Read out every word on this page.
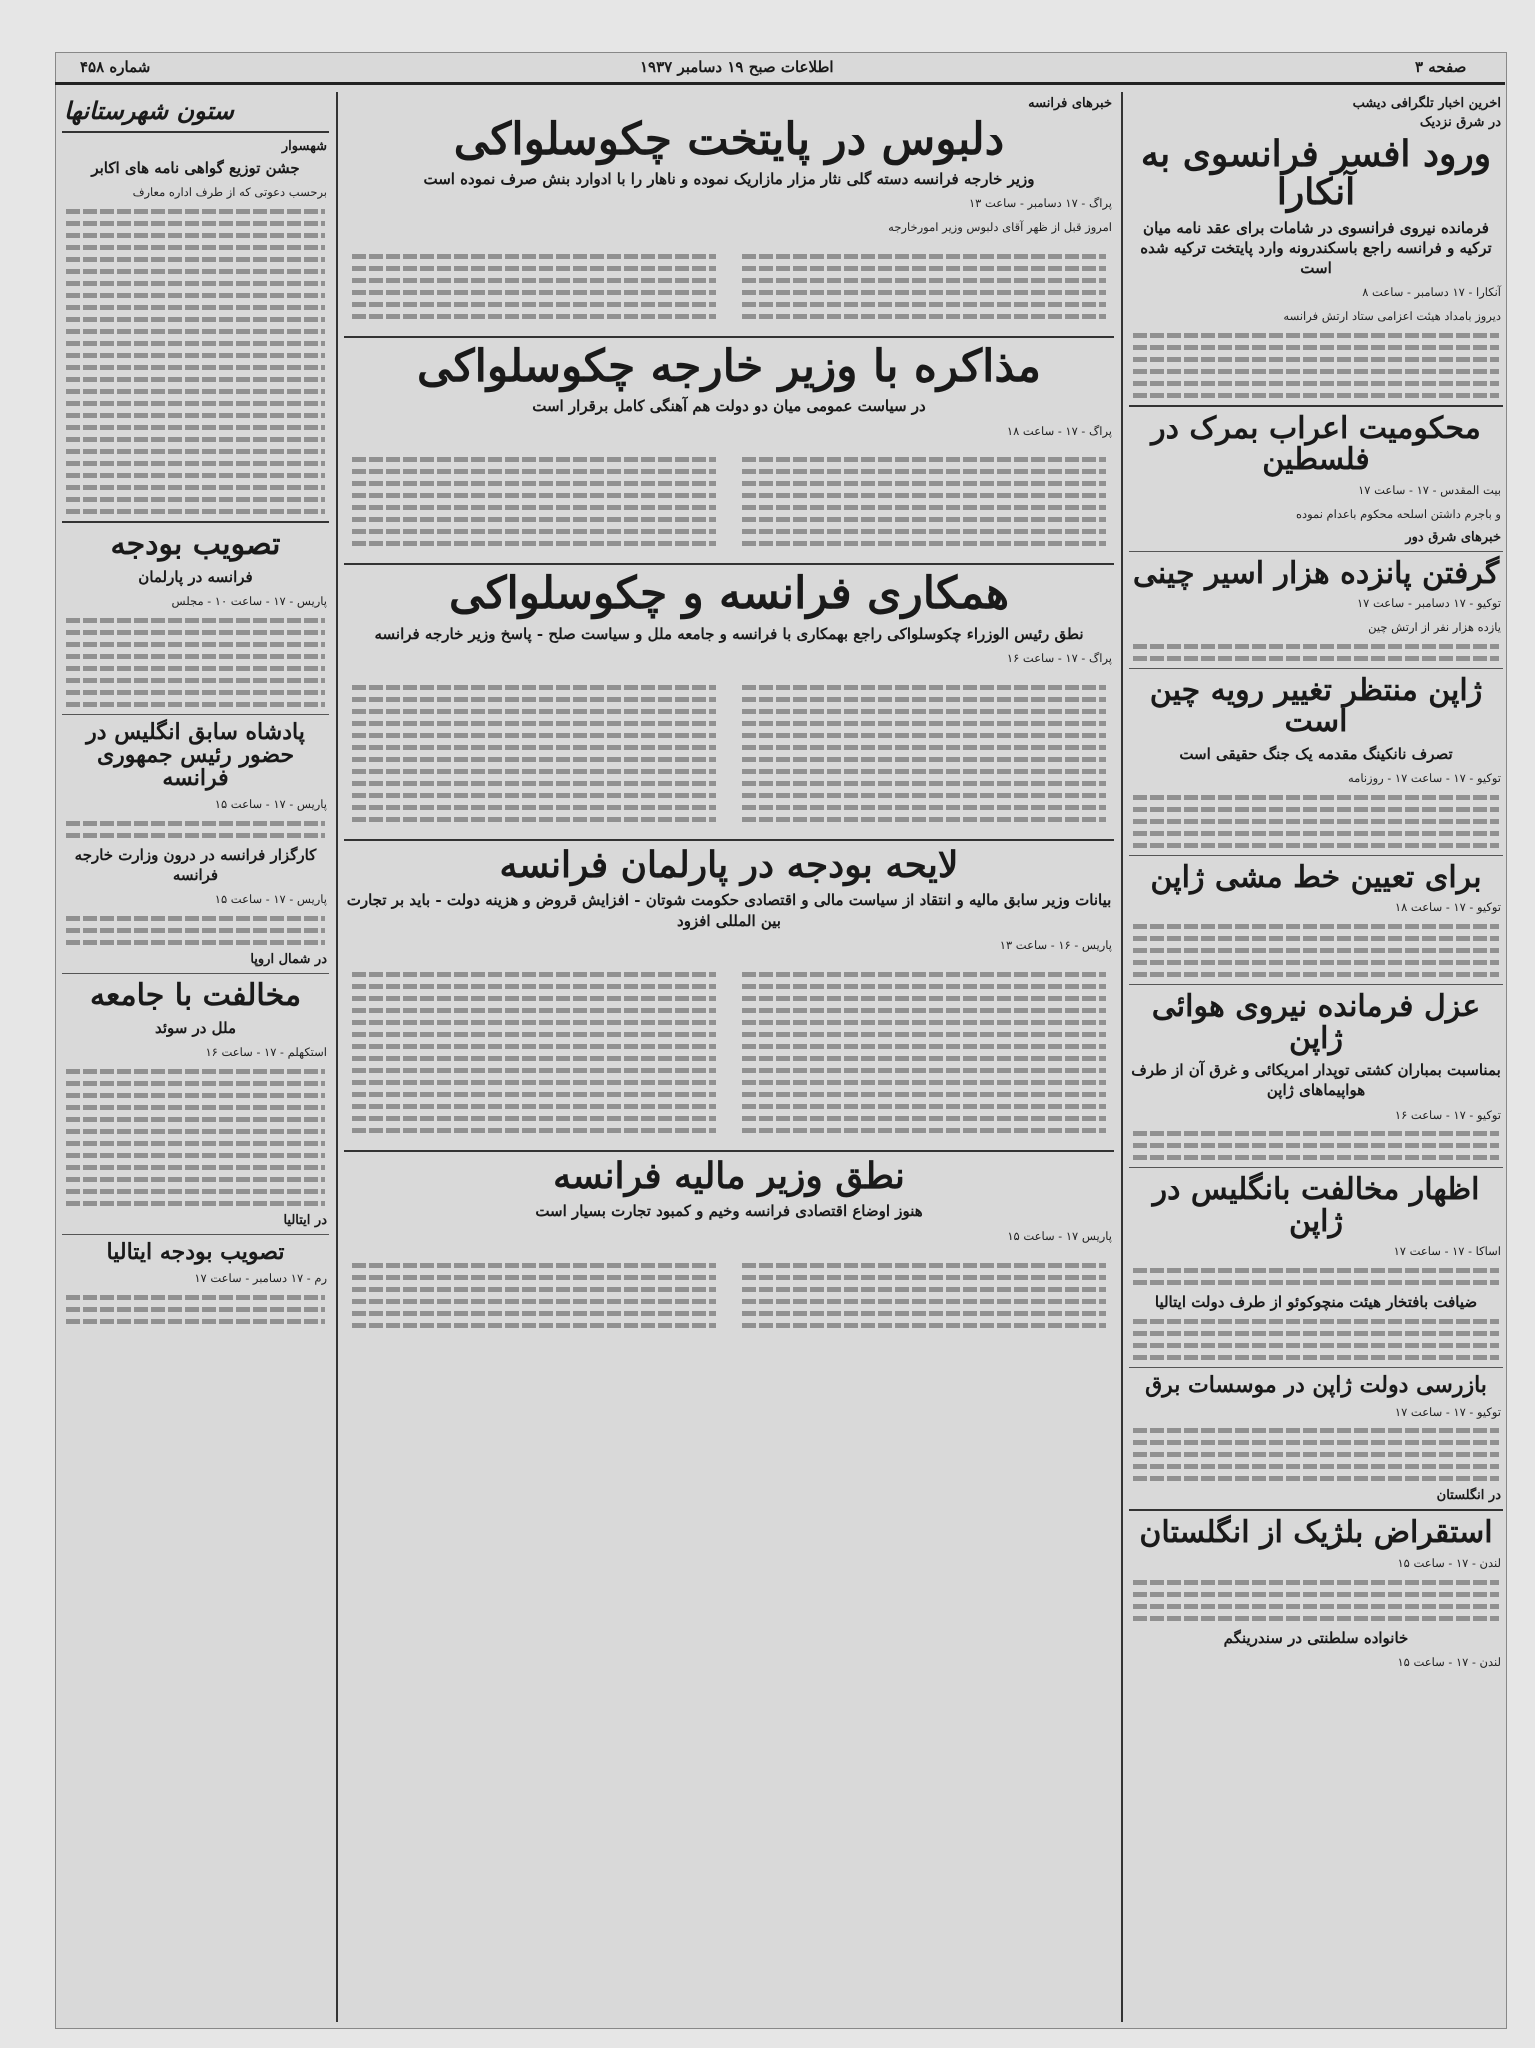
شماره ۴۵۸	اطلاعات صبح ۱۹ دسامبر ۱۹۳۷	صفحه ۳
اخرین اخبار تلگرافی دیشب
در شرق نزدیک
ورود افسر فرانسوی به آنکارا
فرمانده نیروی فرانسوی در شامات برای عقد نامه میان ترکیه و فرانسه راجع باسکندرونه وارد پایتخت ترکیه شده است
آنکارا - ۱۷ دسامبر - ساعت ۸
دیروز بامداد هیئت اعزامی ستاد ارتش فرانسه
محکومیت اعراب بمرک در فلسطین
بیت المقدس - ۱۷ - ساعت ۱۷
و باجرم داشتن اسلحه محکوم باعدام نموده
خبرهای شرق دور
گرفتن پانزده هزار اسیر چینی
توکیو - ۱۷ دسامبر - ساعت ۱۷
یازده هزار نفر از ارتش چین
ژاپن منتظر تغییر رویه چین است
تصرف نانکینگ مقدمه یک جنگ حقیقی است
توکیو - ۱۷ - ساعت ۱۷ - روزنامه
برای تعیین خط مشی ژاپن
توکیو - ۱۷ - ساعت ۱۸
عزل فرمانده نیروی هوائی ژاپن
بمناسبت بمباران کشتی توپدار امریکائی و غرق آن از طرف هواپیماهای ژاپن
توکیو - ۱۷ - ساعت ۱۶
اظهار مخالفت بانگلیس در ژاپن
اساکا - ۱۷ - ساعت ۱۷
ضیافت بافتخار هیئت منچوکوئو از طرف دولت ایتالیا
بازرسی دولت ژاپن در موسسات برق
توکیو - ۱۷ - ساعت ۱۷
در انگلستان
استقراض بلژیک از انگلستان
لندن - ۱۷ - ساعت ۱۵
خانواده سلطنتی در سندرینگم
لندن - ۱۷ - ساعت ۱۵
خبرهای فرانسه
دلبوس در پایتخت چکوسلواکی
وزیر خارجه فرانسه دسته گلی نثار مزار مازاریک نموده و ناهار را با ادوارد بنش صرف نموده است
پراگ - ۱۷ دسامبر - ساعت ۱۳
امروز قبل از ظهر آقای دلبوس وزیر امورخارجه
مذاکره با وزیر خارجه چکوسلواکی
در سیاست عمومی میان دو دولت هم آهنگی کامل برقرار است
پراگ - ۱۷ - ساعت ۱۸
همکاری فرانسه و چکوسلواکی
نطق رئیس الوزراء چکوسلواکی راجع بهمکاری با فرانسه و جامعه ملل و سیاست صلح - پاسخ وزیر خارجه فرانسه
پراگ - ۱۷ - ساعت ۱۶
لایحه بودجه در پارلمان فرانسه
بیانات وزیر سابق مالیه و انتقاد از سیاست مالی و اقتصادی حکومت شوتان - افزایش قروض و هزینه دولت - باید بر تجارت بین المللی افزود
پاریس - ۱۶ - ساعت ۱۳
نطق وزیر مالیه فرانسه
هنوز اوضاع اقتصادی فرانسه وخیم و کمبود تجارت بسیار است
پاریس ۱۷ - ساعت ۱۵
ستون شهرستانها
شهسوار
جشن توزیع گواهی نامه های اکابر
برحسب دعوتی که از طرف اداره معارف
تصویب بودجه
فرانسه در پارلمان
پاریس - ۱۷ - ساعت ۱۰ - مجلس
پادشاه سابق انگلیس در حضور رئیس جمهوری فرانسه
پاریس - ۱۷ - ساعت ۱۵
کارگزار فرانسه در درون وزارت خارجه فرانسه
پاریس - ۱۷ - ساعت ۱۵
در شمال اروپا
مخالفت با جامعه
ملل در سوئد
استکهلم - ۱۷ - ساعت ۱۶
در ایتالیا
تصویب بودجه ایتالیا
رم - ۱۷ دسامبر - ساعت ۱۷
